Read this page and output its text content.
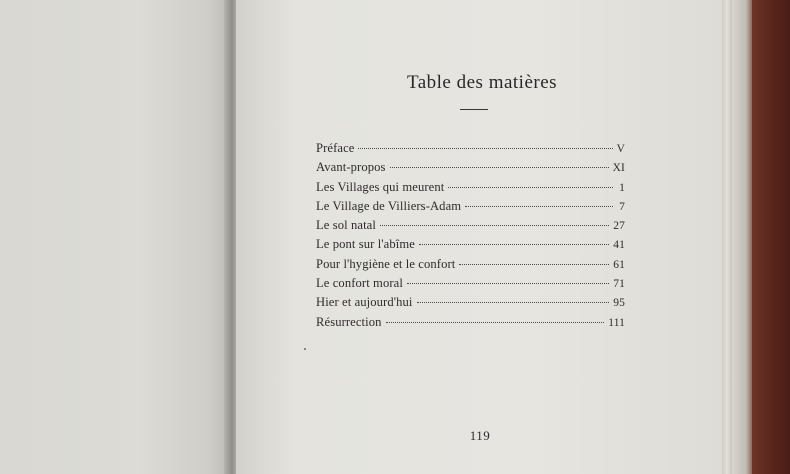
Table des matières
Préface	V
Avant-propos	XI
Les Villages qui meurent	1
Le Village de Villiers-Adam	7
Le sol natal	27
Le pont sur l'abîme	41
Pour l'hygiène et le confort	61
Le confort moral	71
Hier et aujourd'hui	95
Résurrection	111
119
